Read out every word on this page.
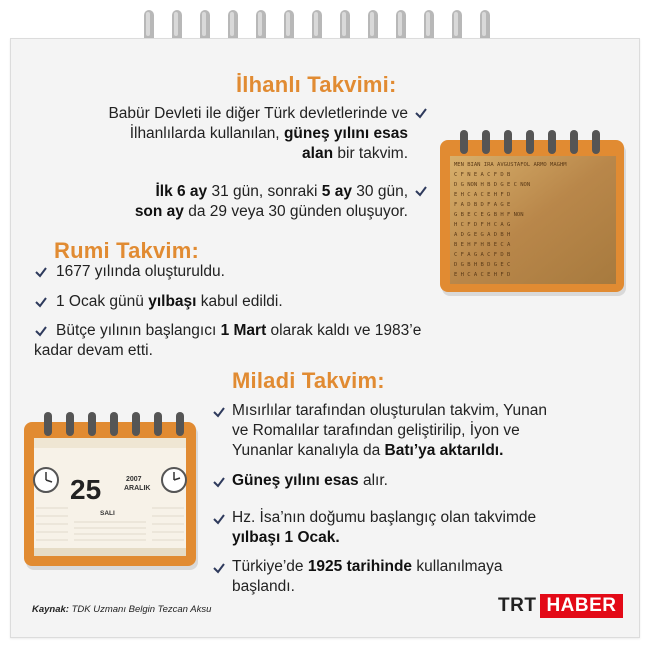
İlhanlı Takvimi:
Babür Devleti ile diğer Türk devletlerinde ve
İlhanlılarda kullanılan, güneş yılını esas
alan bir takvim.
İlk 6 ay 31 gün, sonraki 5 ay 30 gün,
son ay da 29 veya 30 günden oluşuyor.
MEN BIAN IRA AVGUSTAFOL ARMO MAGHM
C F N E A C F D B
D G NON H B D G E C NON
E H C A C E H F D
F A D B D F A G E
G B E C E G B H F NON
H C F D F H C A G
A D G E G A D B H
B E H F H B E C A
C F A G A C F D B
D G B H B D G E C
E H C A C E H F D
Rumi Takvim:
1677 yılında oluşturuldu.
1 Ocak günü yılbaşı kabul edildi.
Bütçe yılının başlangıcı 1 Mart olarak kaldı ve 1983’e
kadar devam etti.
Miladi Takvim:
Mısırlılar tarafından oluşturulan takvim, Yunan
ve Romalılar tarafından geliştirilip, İyon ve
Yunanlar kanalıyla da Batı’ya aktarıldı.
Güneş yılını esas alır.
Hz. İsa’nın doğumu başlangıç olan takvimde
yılbaşı 1 Ocak.
Türkiye’de 1925 tarihinde kullanılmaya
başlandı.
25	2007
ARALIK
SALI
Kaynak: TDK Uzmanı Belgin Tezcan Aksu	TRT HABER
